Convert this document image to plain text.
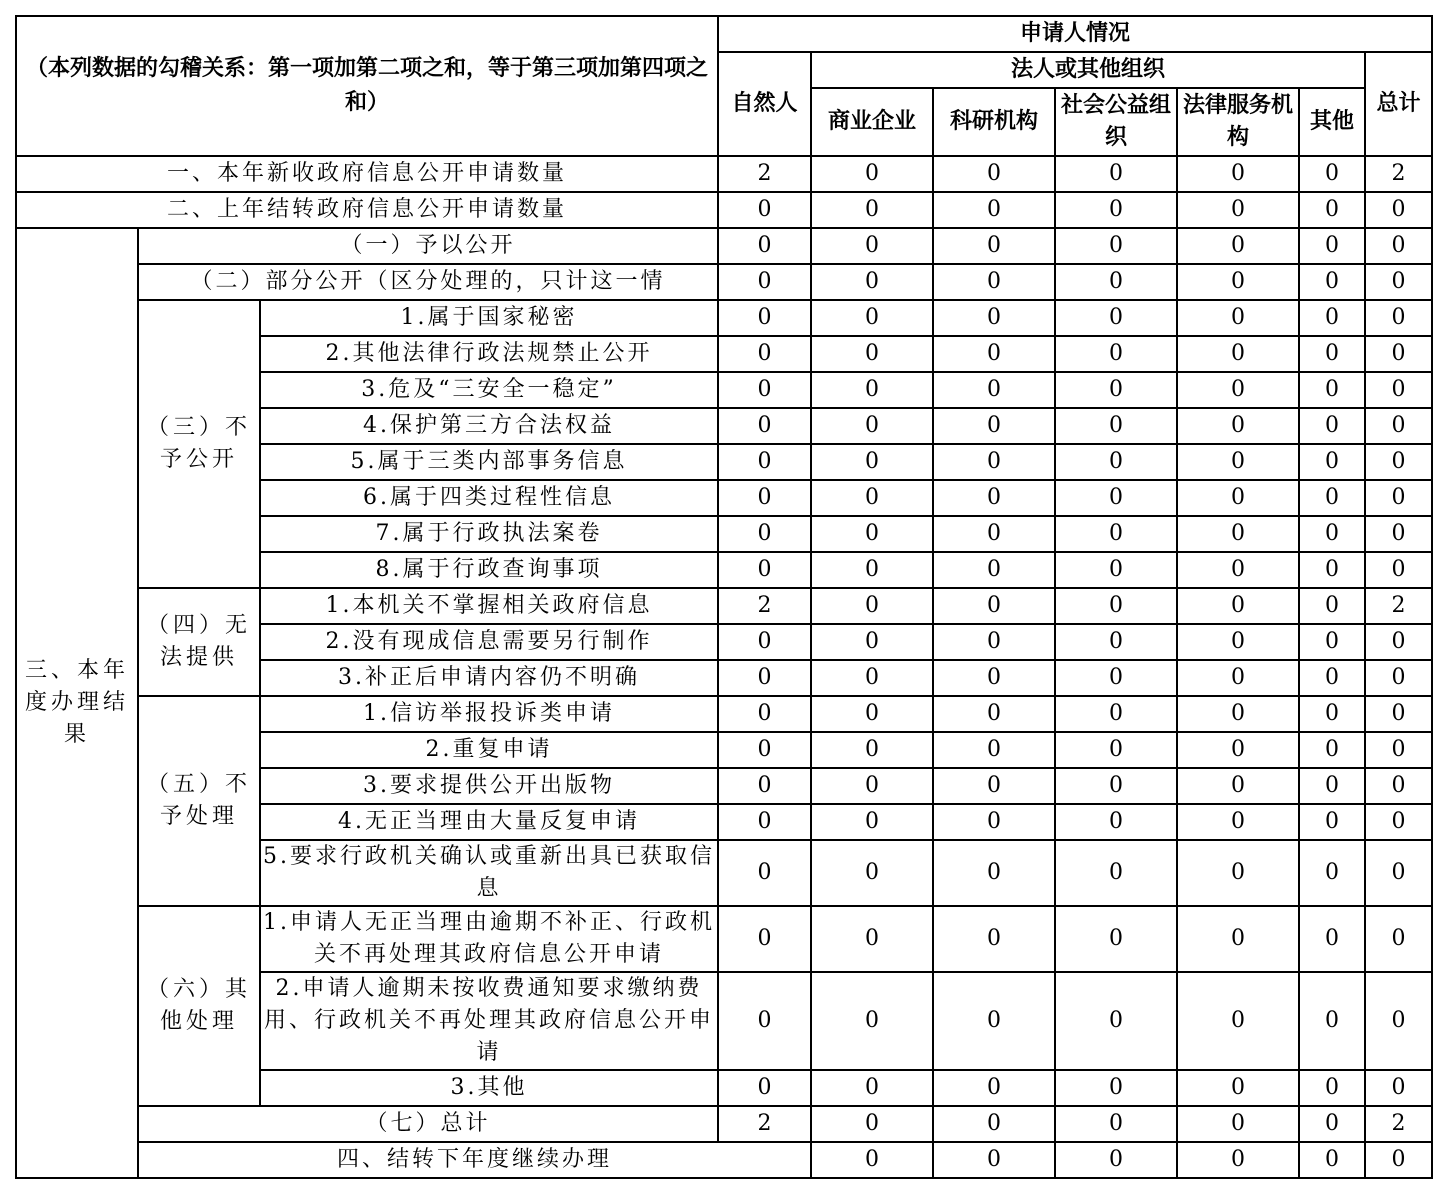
（本列数据的勾稽关系：第一项加第二项之和，等于第三项加第四项之和）			申请人情况							
			自然人	法人或其他组织					总计	
				商业企业	科研机构	社会公益组织	法律服务机构	其他		

一、本年新收政府信息公开申请数量			2	0	0	0	0	0	2	
二、上年结转政府信息公开申请数量			0	0	0	0	0	0	0	
三、本年度办理结果	（一）予以公开		0	0	0	0	0	0	0	
	（二）部分公开（区分处理的，只计这一情		0	0	0	0	0	0	0	
	（三）不予公开	1.属于国家秘密	0	0	0	0	0	0	0	
		2.其他法律行政法规禁止公开	0	0	0	0	0	0	0	
		3.危及“三安全一稳定”	0	0	0	0	0	0	0	
		4.保护第三方合法权益	0	0	0	0	0	0	0	
		5.属于三类内部事务信息	0	0	0	0	0	0	0	
		6.属于四类过程性信息	0	0	0	0	0	0	0	
		7.属于行政执法案卷	0	0	0	0	0	0	0	
		8.属于行政查询事项	0	0	0	0	0	0	0	
	（四）无法提供	1.本机关不掌握相关政府信息	2	0	0	0	0	0	2	
		2.没有现成信息需要另行制作	0	0	0	0	0	0	0	
		3.补正后申请内容仍不明确	0	0	0	0	0	0	0	
	（五）不予处理	1.信访举报投诉类申请	0	0	0	0	0	0	0	
		2.重复申请	0	0	0	0	0	0	0	
		3.要求提供公开出版物	0	0	0	0	0	0	0	
		4.无正当理由大量反复申请	0	0	0	0	0	0	0	
		5.要求行政机关确认或重新出具已获取信息	0	0	0	0	0	0	0	
	（六）其他处理	1.申请人无正当理由逾期不补正、行政机关不再处理其政府信息公开申请	0	0	0	0	0	0	0	
		2.申请人逾期未按收费通知要求缴纳费用、行政机关不再处理其政府信息公开申请	0	0	0	0	0	0	0	
		3.其他	0	0	0	0	0	0	0	
	（七）总计		2	0	0	0	0	0	2	
	四、结转下年度继续办理			0	0	0	0	0	0	
